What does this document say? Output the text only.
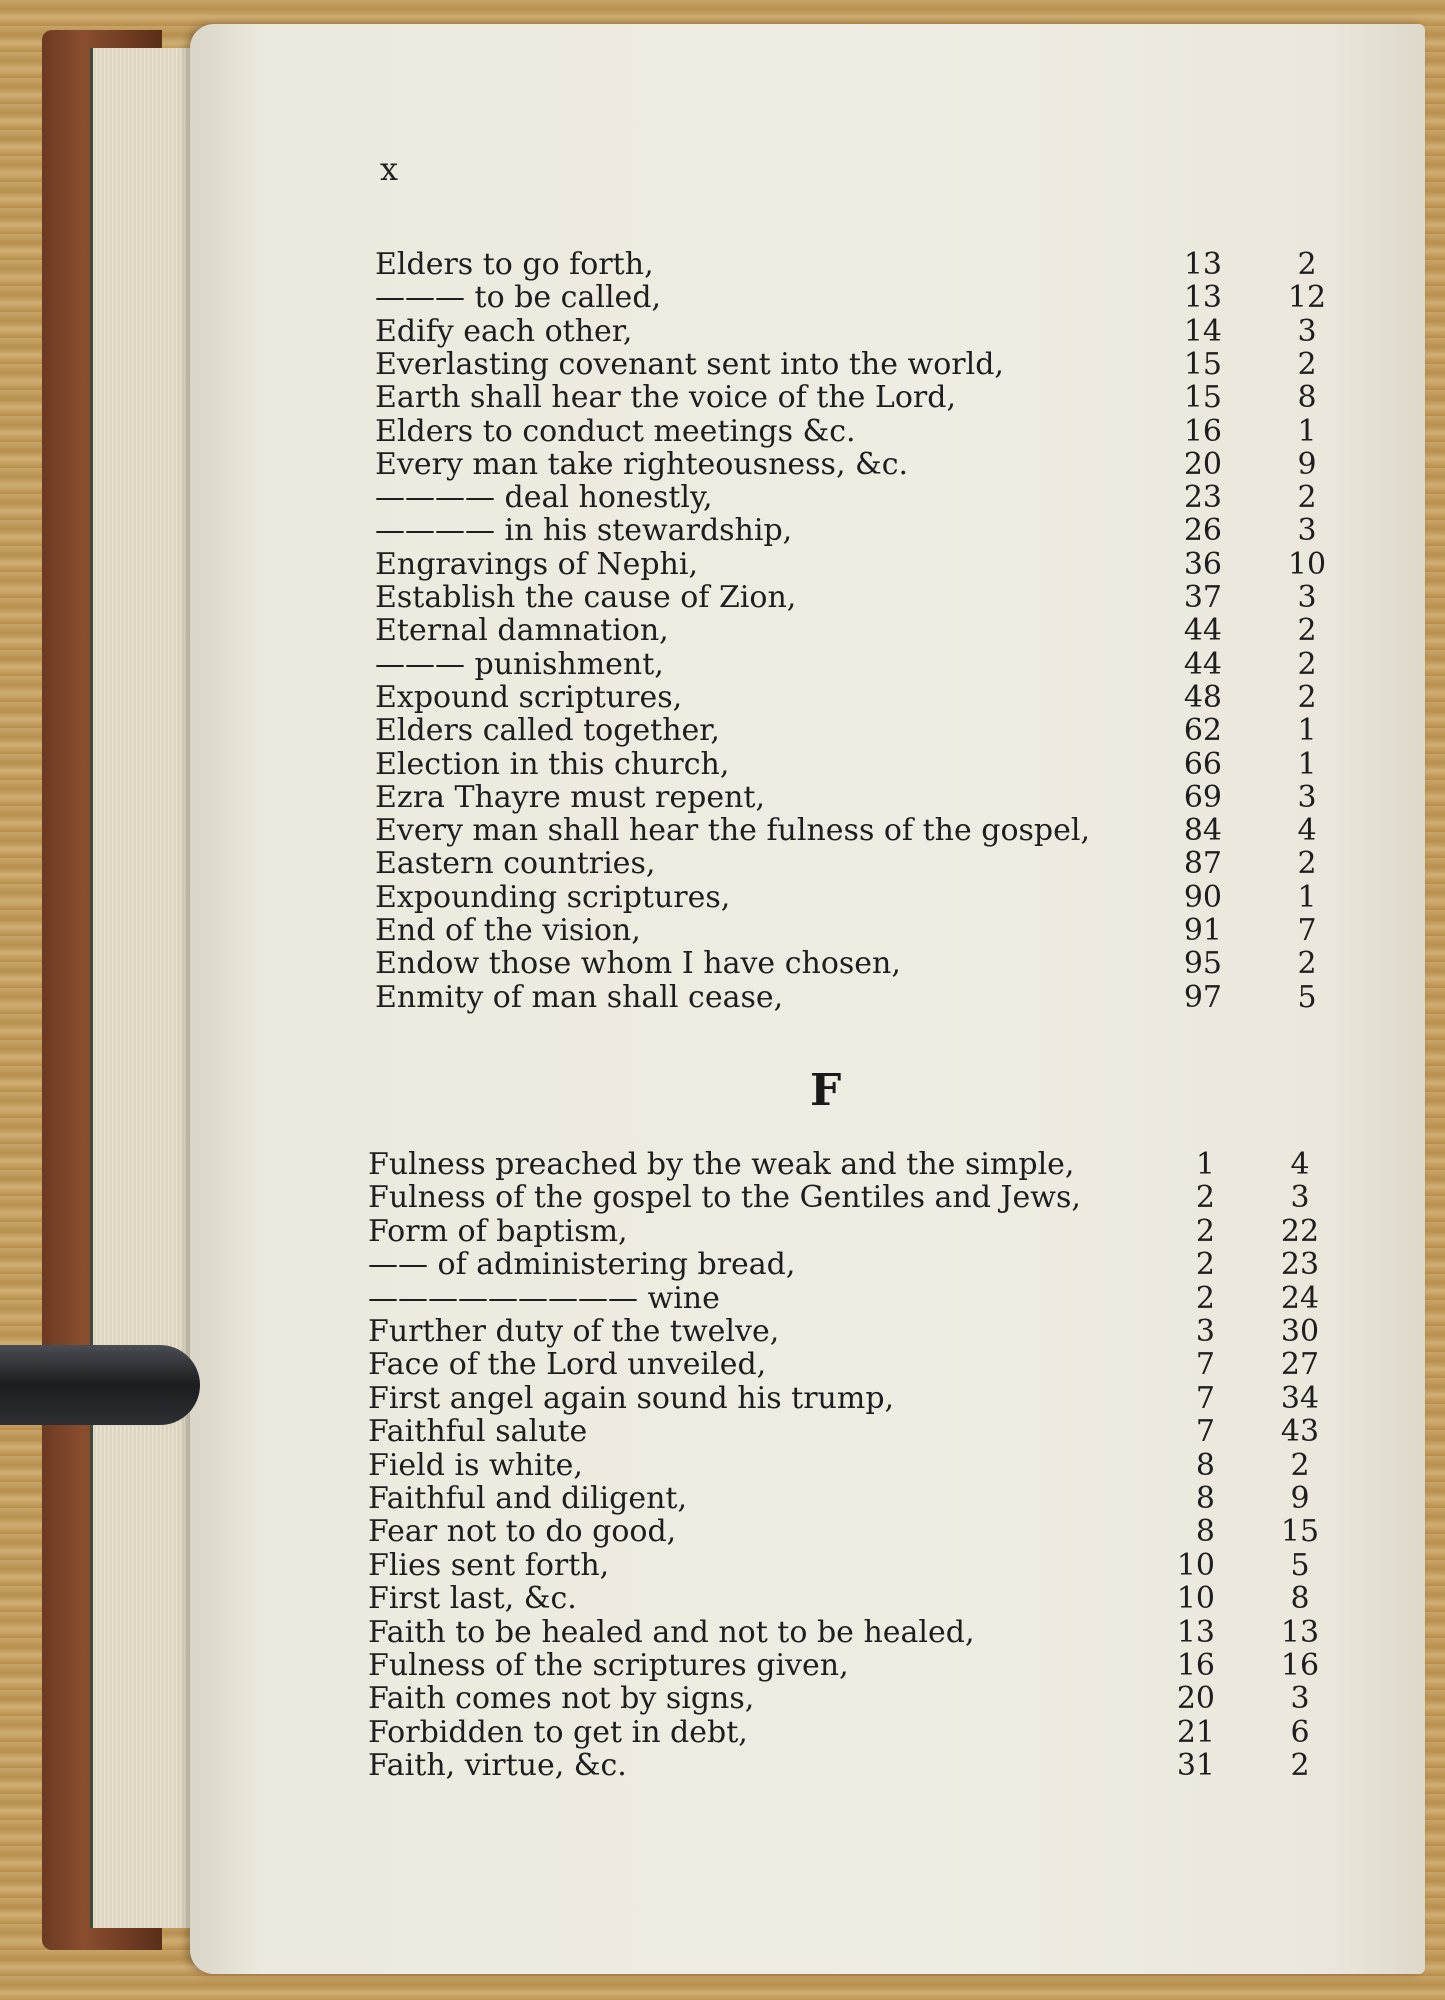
x

Elders to go forth,	13	2
——— to be called,	13	12
Edify each other,	14	3
Everlasting covenant sent into the world,	15	2
Earth shall hear the voice of the Lord,	15	8
Elders to conduct meetings &c.	16	1
Every man take righteousness, &c.	20	9
———— deal honestly,	23	2
———— in his stewardship,	26	3
Engravings of Nephi,	36	10
Establish the cause of Zion,	37	3
Eternal damnation,	44	2
——— punishment,	44	2
Expound scriptures,	48	2
Elders called together,	62	1
Election in this church,	66	1
Ezra Thayre must repent,	69	3
Every man shall hear the fulness of the gospel,	84	4
Eastern countries,	87	2
Expounding scriptures,	90	1
End of the vision,	91	7
Endow those whom I have chosen,	95	2
Enmity of man shall cease,	97	5
F
Fulness preached by the weak and the simple,	1	4
Fulness of the gospel to the Gentiles and Jews,	2	3
Form of baptism,	2	22
—— of administering bread,	2	23
————————— wine	2	24
Further duty of the twelve,	3	30
Face of the Lord unveiled,	7	27
First angel again sound his trump,	7	34
Faithful salute	7	43
Field is white,	8	2
Faithful and diligent,	8	9
Fear not to do good,	8	15
Flies sent forth,	10	5
First last, &c.	10	8
Faith to be healed and not to be healed,	13	13
Fulness of the scriptures given,	16	16
Faith comes not by signs,	20	3
Forbidden to get in debt,	21	6
Faith, virtue, &c.	31	2
